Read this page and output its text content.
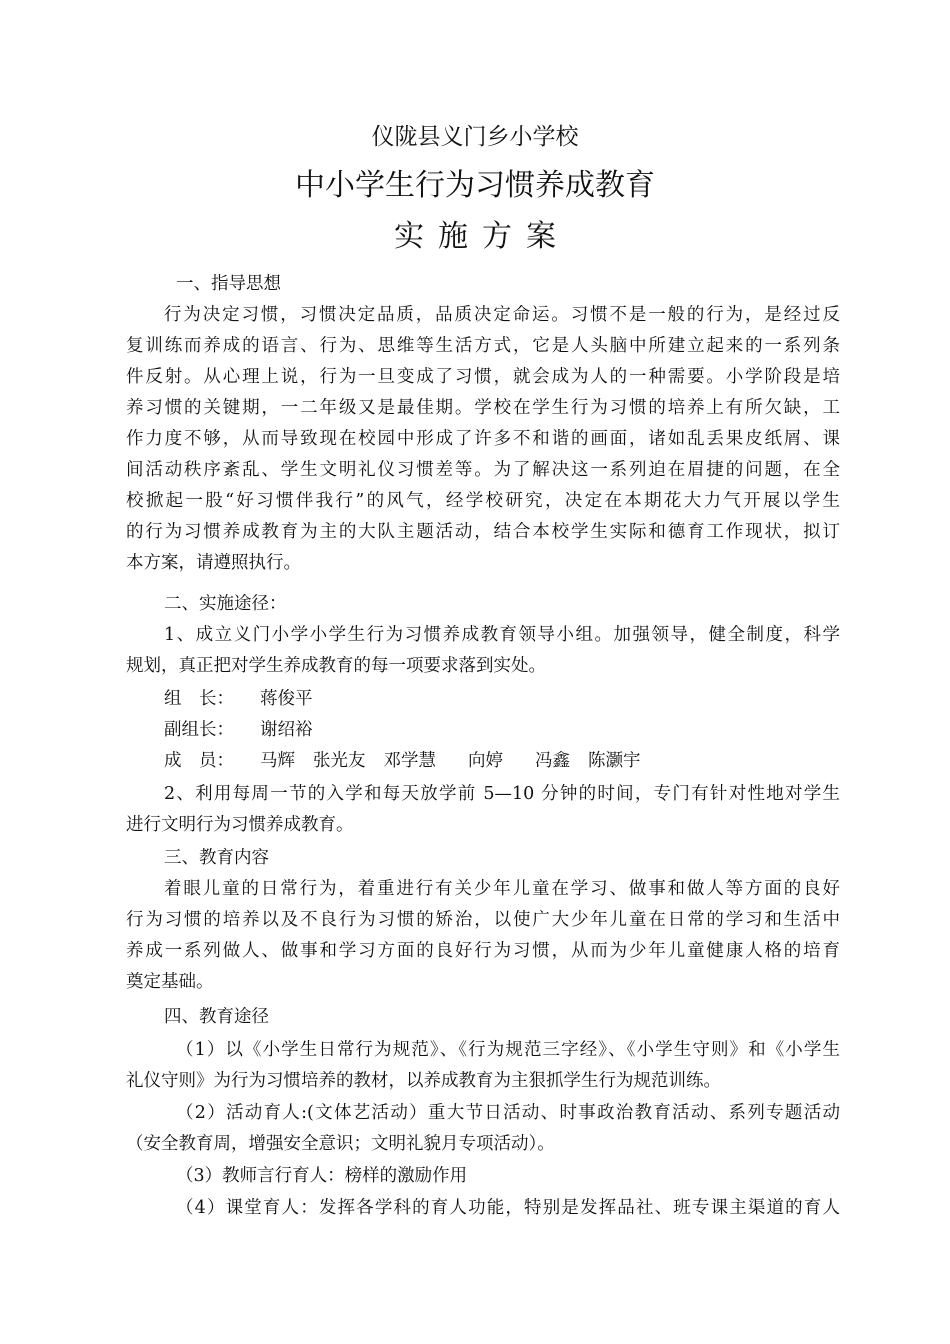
仪陇县义门乡小学校
中小学生行为习惯养成教育
实施方案
一、指导思想
行为决定习惯，习惯决定品质，品质决定命运。习惯不是一般的行为，是经过反
复训练而养成的语言、行为、思维等生活方式，它是人头脑中所建立起来的一系列条
件反射。从心理上说，行为一旦变成了习惯，就会成为人的一种需要。小学阶段是培
养习惯的关键期，一二年级又是最佳期。学校在学生行为习惯的培养上有所欠缺，工
作力度不够，从而导致现在校园中形成了许多不和谐的画面，诸如乱丢果皮纸屑、课
间活动秩序紊乱、学生文明礼仪习惯差等。为了解决这一系列迫在眉捷的问题，在全
校掀起一股“好习惯伴我行”的风气，经学校研究，决定在本期花大力气开展以学生
的行为习惯养成教育为主的大队主题活动，结合本校学生实际和德育工作现状，拟订
本方案，请遵照执行。
二、实施途径：
1、成立义门小学小学生行为习惯养成教育领导小组。加强领导，健全制度，科学
规划，真正把对学生养成教育的每一项要求落到实处。
组　长： 蒋俊平
副组长： 谢绍裕
成　员： 马辉 张光友 邓学慧 向婷 冯鑫 陈灏宇
2、利用每周一节的入学和每天放学前 5—10 分钟的时间，专门有针对性地对学生
进行文明行为习惯养成教育。
三、教育内容
着眼儿童的日常行为，着重进行有关少年儿童在学习、做事和做人等方面的良好
行为习惯的培养以及不良行为习惯的矫治，以使广大少年儿童在日常的学习和生活中
养成一系列做人、做事和学习方面的良好行为习惯，从而为少年儿童健康人格的培育
奠定基础。
四、教育途径
（1）以《小学生日常行为规范》、《行为规范三字经》、《小学生守则》和《小学生
礼仪守则》为行为习惯培养的教材，以养成教育为主狠抓学生行为规范训练。
（2）活动育人:(文体艺活动）重大节日活动、时事政治教育活动、系列专题活动
（安全教育周，增强安全意识；文明礼貌月专项活动）。
（3）教师言行育人：榜样的激励作用
（4）课堂育人：发挥各学科的育人功能，特别是发挥品社、班专课主渠道的育人
